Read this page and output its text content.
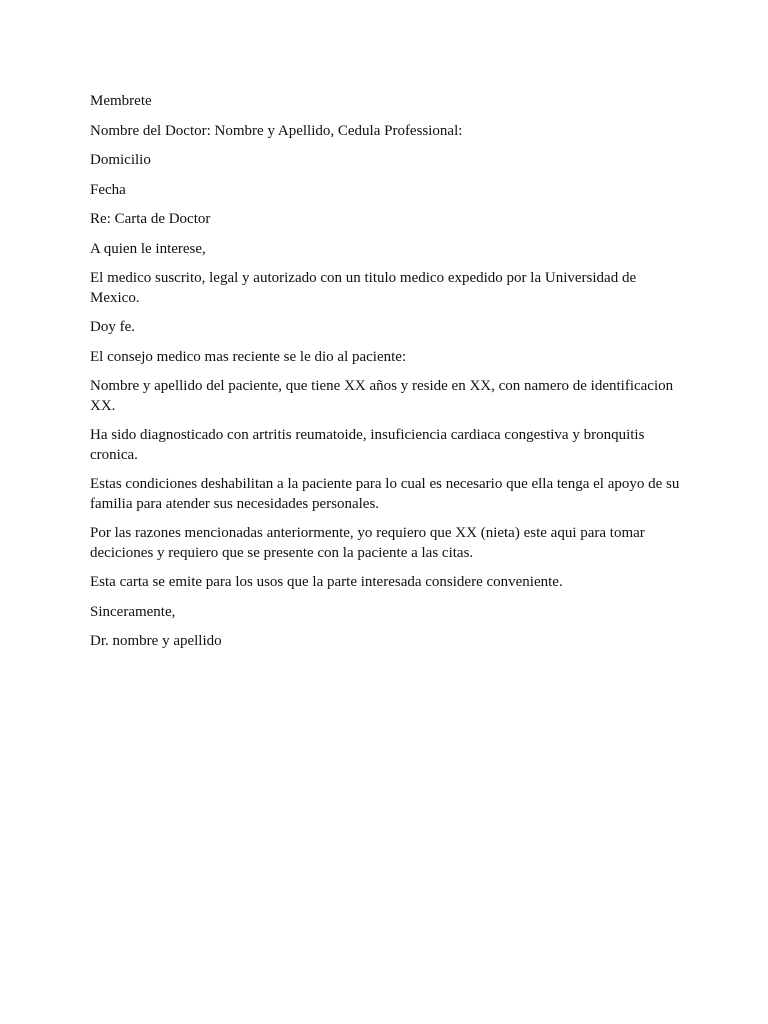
Membrete

Nombre del Doctor: Nombre y Apellido, Cedula Professional:

Domicilio

Fecha

Re: Carta de Doctor

A quien le interese,

El medico suscrito, legal y autorizado con un titulo medico expedido por la Universidad de Mexico.

Doy fe.

El consejo medico mas reciente se le dio al paciente:

Nombre y apellido del paciente, que tiene XX años y reside en XX, con namero de identificacion XX.

Ha sido diagnosticado con artritis reumatoide, insuficiencia cardiaca congestiva y bronquitis cronica.

Estas condiciones deshabilitan a la paciente para lo cual es necesario que ella tenga el apoyo de su familia para atender sus necesidades personales.

Por las razones mencionadas anteriormente, yo requiero que XX (nieta) este aqui para tomar deciciones y requiero que se presente con la paciente a las citas.

Esta carta se emite para los usos que la parte interesada considere conveniente.

Sinceramente,

Dr. nombre y apellido
